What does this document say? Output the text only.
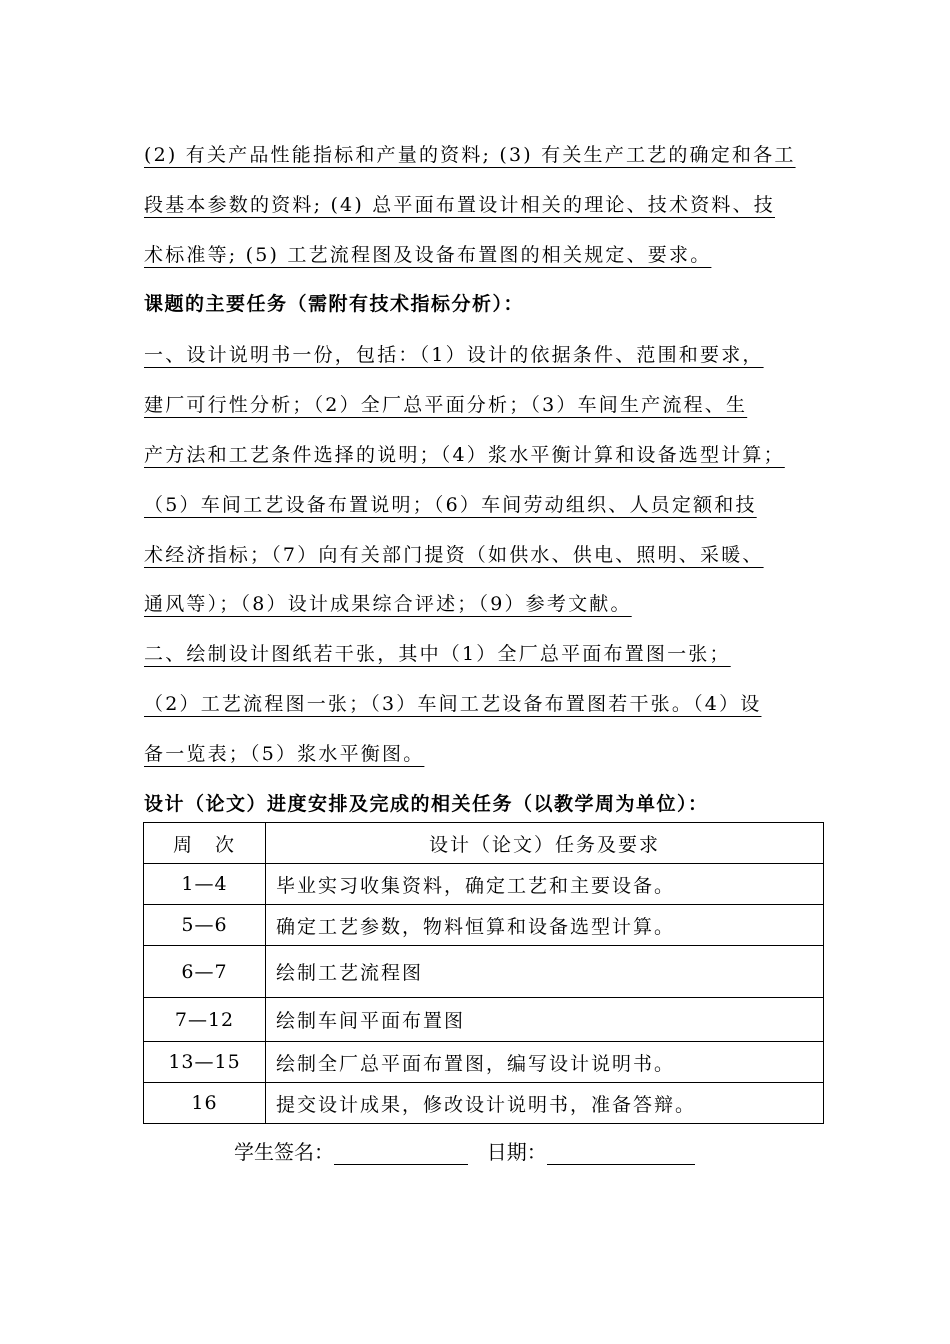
(2) 有关产品性能指标和产量的资料; (3) 有关生产工艺的确定和各工
段基本参数的资料; (4) 总平面布置设计相关的理论、技术资料、技
术标准等; (5) 工艺流程图及设备布置图的相关规定、要求。
课题的主要任务（需附有技术指标分析）：
一、设计说明书一份，包括：（1）设计的依据条件、范围和要求，
建厂可行性分析；（2）全厂总平面分析；（3）车间生产流程、生
产方法和工艺条件选择的说明；（4）浆水平衡计算和设备选型计算；
（5）车间工艺设备布置说明；（6）车间劳动组织、人员定额和技
术经济指标；（7）向有关部门提资（如供水、供电、照明、采暖、
通风等）；（8）设计成果综合评述；（9）参考文献。
二、绘制设计图纸若干张，其中（1）全厂总平面布置图一张；
（2）工艺流程图一张；（3）车间工艺设备布置图若干张。（4）设
备一览表；（5）浆水平衡图。
设计（论文）进度安排及完成的相关任务（以教学周为单位）：
周　次	设计（论文）任务及要求
1—4	毕业实习收集资料，确定工艺和主要设备。
5—6	确定工艺参数，物料恒算和设备选型计算。
6—7	绘制工艺流程图
7—12	绘制车间平面布置图
13—15	绘制全厂总平面布置图，编写设计说明书。
16	提交设计成果，修改设计说明书，准备答辩。
学生签名：	日期：
